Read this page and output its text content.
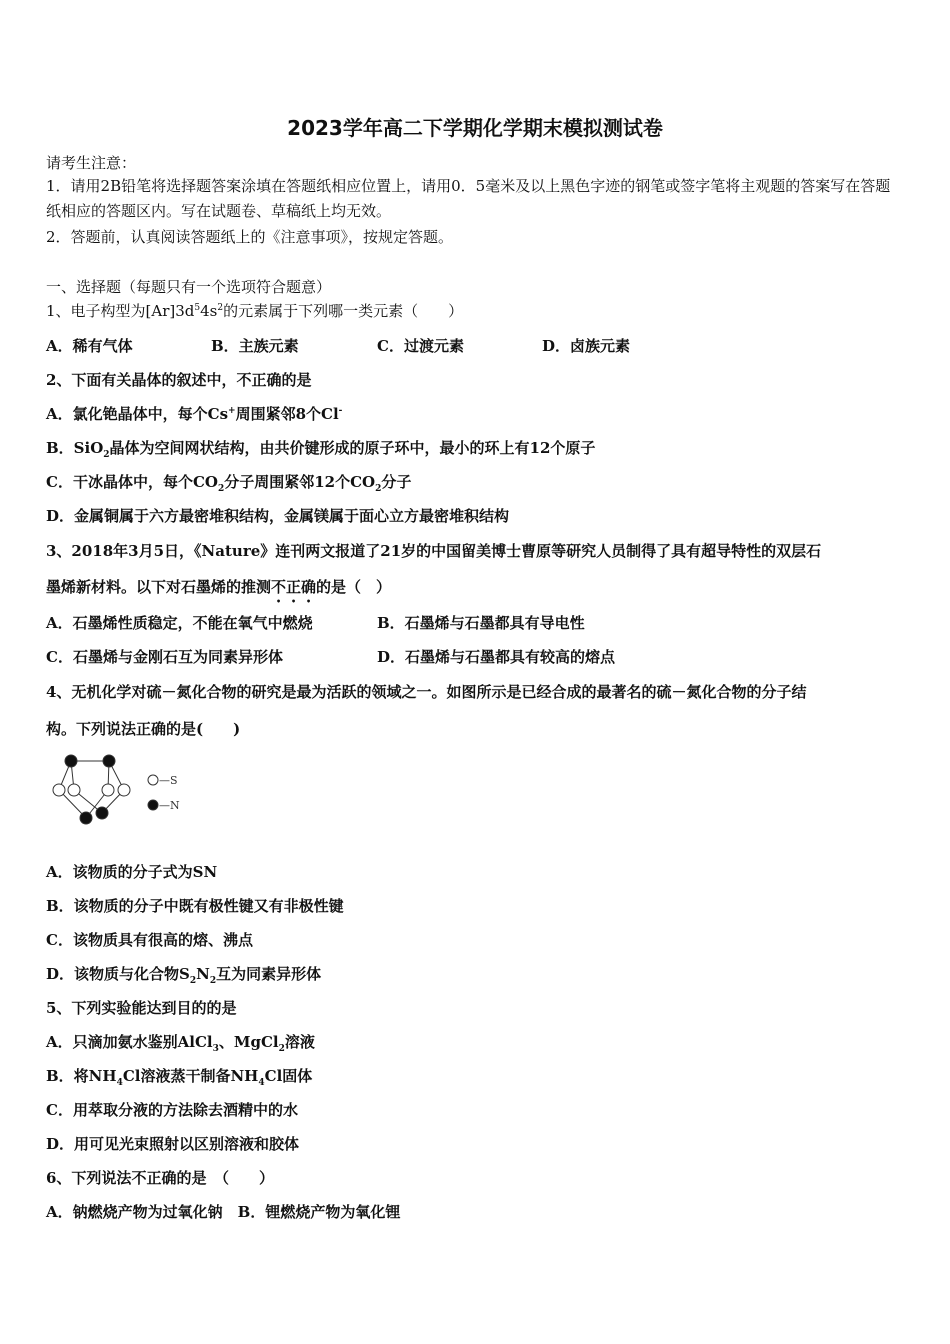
2023学年高二下学期化学期末模拟测试卷
请考生注意：
1．请用2B铅笔将选择题答案涂填在答题纸相应位置上，请用0．5毫米及以上黑色字迹的钢笔或签字笔将主观题的答案写在答题纸相应的答题区内。写在试题卷、草稿纸上均无效。
2．答题前，认真阅读答题纸上的《注意事项》，按规定答题。
一、选择题（每题只有一个选项符合题意）
1、电子构型为$[Ar]3d^54s^2$的元素属于下列哪一类元素（　　）
A．稀有气体	B．主族元素	C．过渡元素	D．卤族元素
2、下面有关晶体的叙述中，不正确的是
A．氯化铯晶体中，每个Cs+周围紧邻8个Cl-
B．SiO$_2$晶体为空间网状结构，由共价键形成的原子环中，最小的环上有12个原子
C．干冰晶体中，每个$CO_2$分子周围紧邻12个$CO_2$分子
D．金属铜属于六方最密堆积结构，金属镁属于面心立方最密堆积结构
3、2018年3月5日，《Nature》连刊两文报道了21岁的中国留美博士曹原等研究人员制得了具有超导特性的双层石
墨烯新材料。以下对石墨烯的推测不正确的是（　）
A．石墨烯性质稳定，不能在氧气中燃烧	B．石墨烯与石墨都具有导电性
C．石墨烯与金刚石互为同素异形体	D．石墨烯与石墨都具有较高的熔点
4、无机化学对硫－氮化合物的研究是最为活跃的领域之一。如图所示是已经合成的最著名的硫－氮化合物的分子结
构。下列说法正确的是(　　)
—S
—N
A．该物质的分子式为SN
B．该物质的分子中既有极性键又有非极性键
C．该物质具有很高的熔、沸点
D．该物质与化合物$S_2N_2$互为同素异形体
5、下列实验能达到目的的是
A．只滴加氨水鉴别AlCl$_3$、MgCl$_2$溶液
B．将$NH_4Cl$溶液蒸干制备$NH_4Cl$固体
C．用萃取分液的方法除去酒精中的水
D．用可见光束照射以区别溶液和胶体
6、下列说法不正确的是　（　　）
A．钠燃烧产物为过氧化钠　B．锂燃烧产物为氧化锂
